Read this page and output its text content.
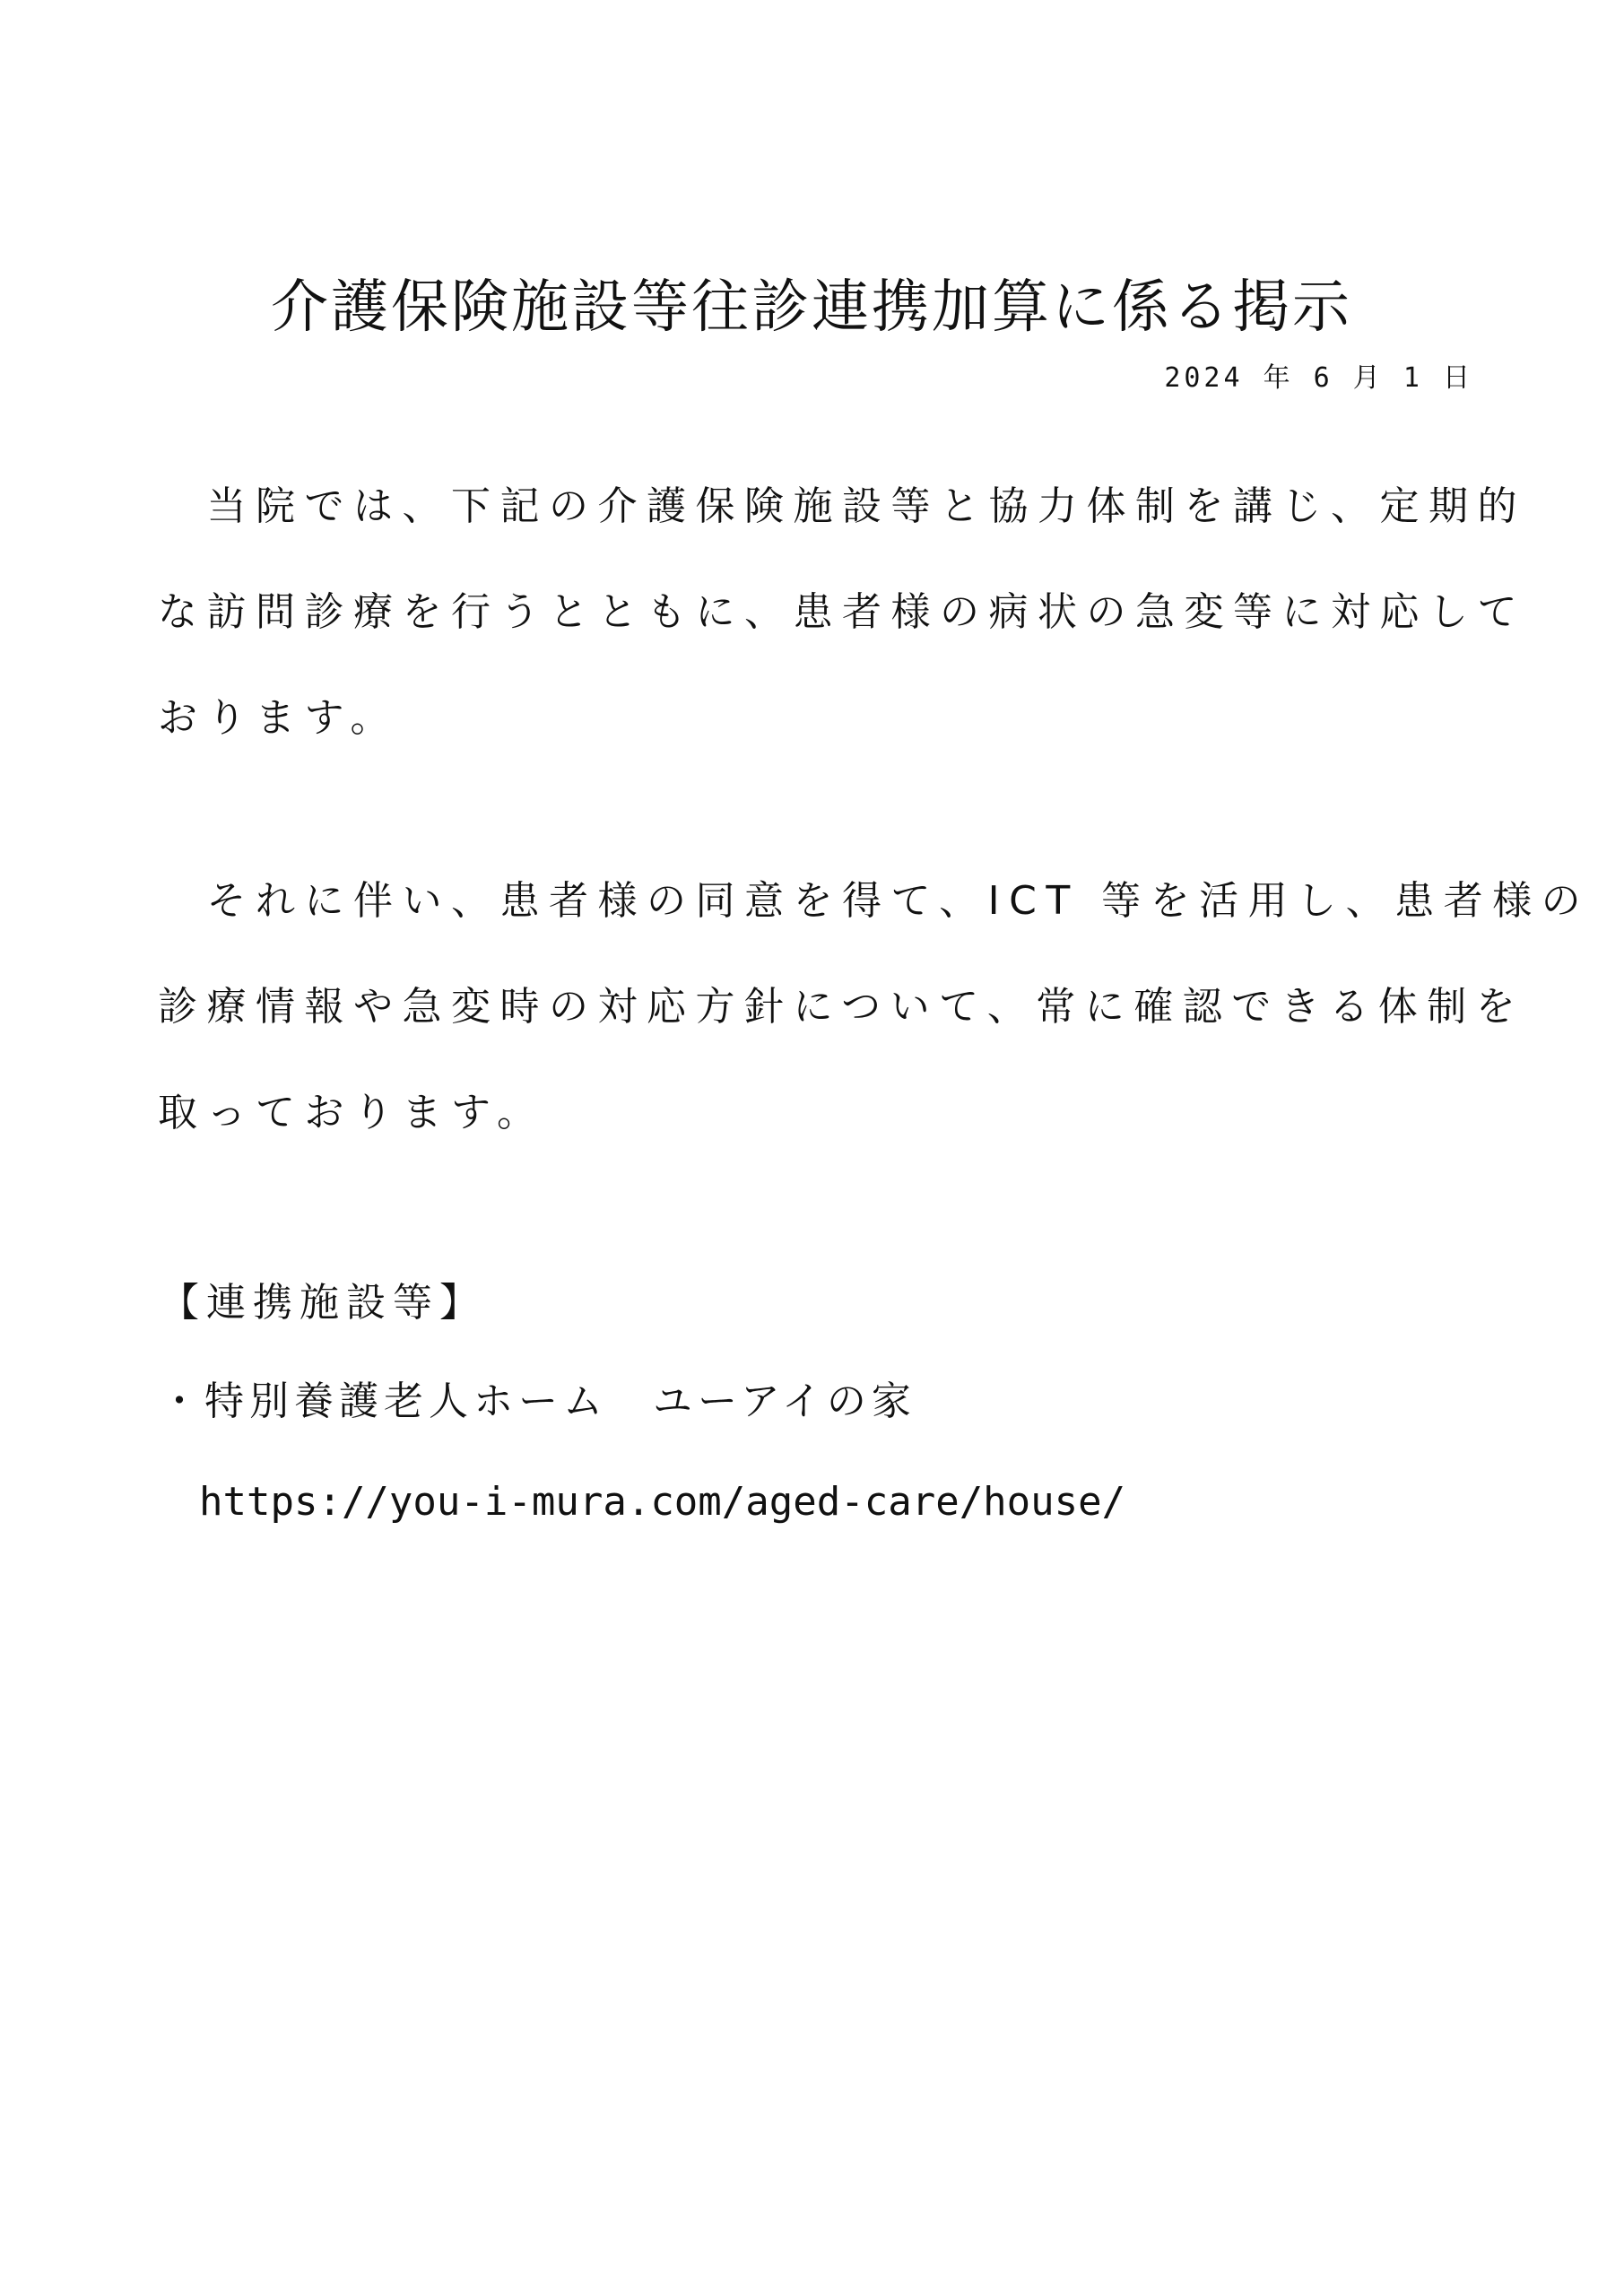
介護保険施設等往診連携加算に係る掲示
2024 年 6 月 1 日

　当院では、下記の介護保険施設等と協力体制を講じ、定期的
な訪問診療を行うとともに、患者様の病状の急変等に対応して
おります。

　それに伴い、患者様の同意を得て、ICT 等を活用し、患者様の
診療情報や急変時の対応方針について、常に確認できる体制を
取っております。

【連携施設等】
・特別養護老人ホーム　ユーアイの家
https://you-i-mura.com/aged-care/house/
